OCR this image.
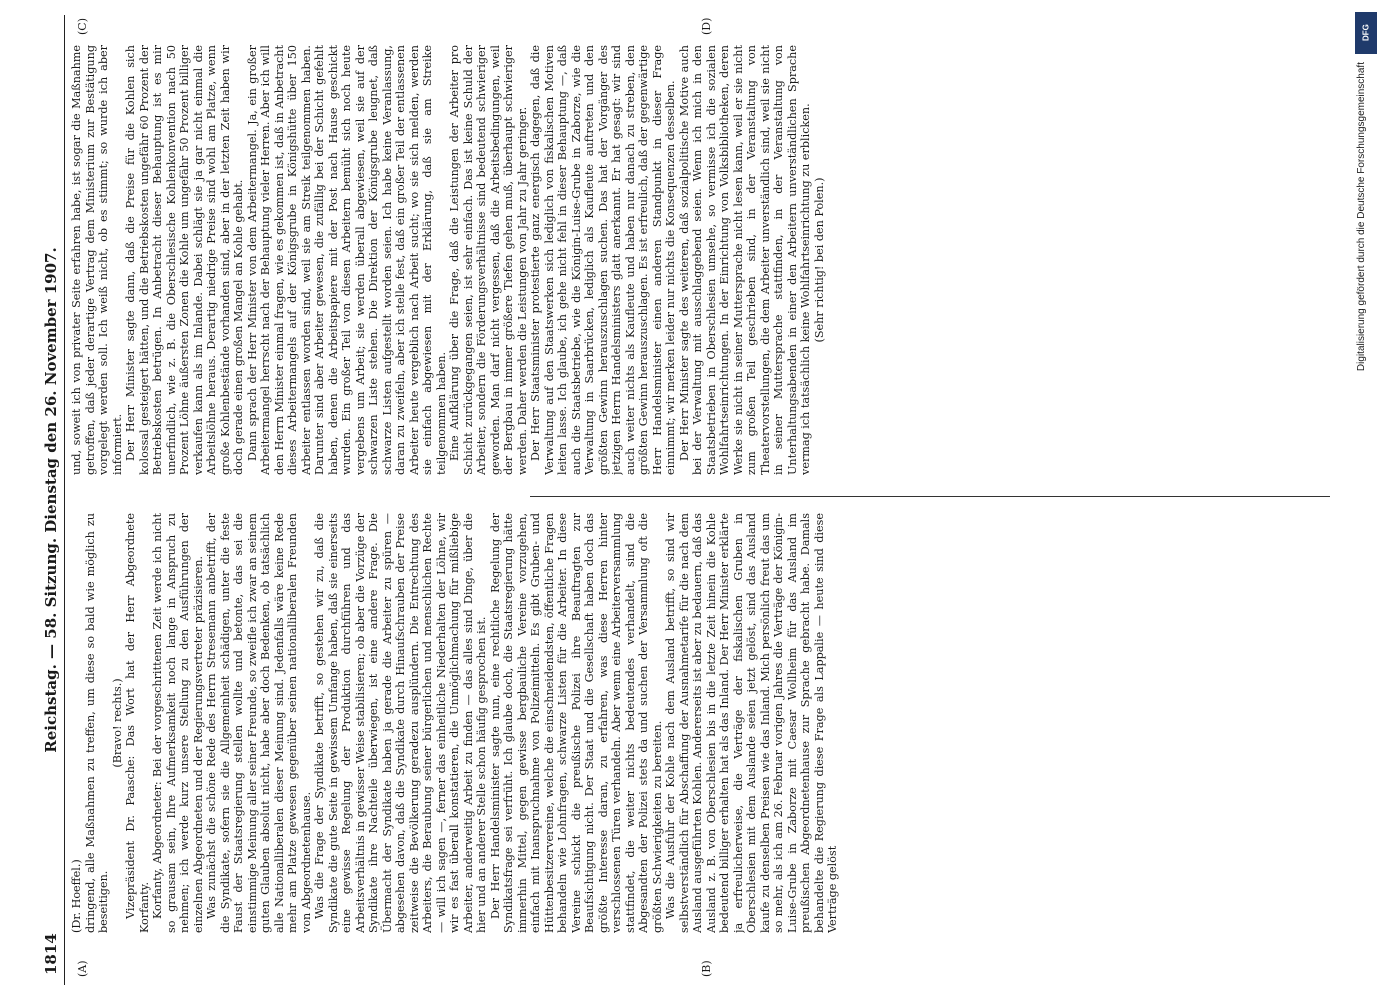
1814
Reichstag. — 58. Sitzung. Dienstag den 26. November 1907.
(A)	(B)
(C)	(D)

(Dr. Hoeffel.) dringend, alle Maßnahmen zu treffen, um diese so bald wie möglich zu beseitigen.

(Bravo! rechts.) Vizepräsident Dr. Paasche: Das Wort hat der Herr Abgeordnete Korfanty. Korfanty, Abgeordneter: Bei der vorgeschrittenen Zeit werde ich nicht so grausam sein, Ihre Aufmerksamkeit noch lange in Anspruch zu nehmen; ich werde kurz unsere Stellung zu den Ausführungen der einzelnen Abgeordneten und der Regierungsvertreter präzisieren. Was zunächst die schöne Rede des Herrn Stresemann anbetrifft, der die Syndikate, sofern sie die Allgemeinheit schädigen, unter die feste Faust der Staatsregierung stellen wollte und betonte, das sei die einstimmige Meinung aller seiner Freunde, so zweifle ich zwar an seinem guten Glauben absolut nicht, habe aber doch Bedenken, ob tatsächlich alle Nationalliberalen dieser Meinung sind. Jedenfalls wäre keine Rede mehr am Platze gewesen gegenüber seinen nationalliberalen Freunden von Abgeordnetenhause. Was die Frage der Syndikate betrifft, so gestehen wir zu, daß die Syndikate die gute Seite in gewissem Umfange haben, daß sie einerseits eine gewisse Regelung der Produktion durchführen und das Arbeitsverhältnis in gewisser Weise stabilisieren; ob aber die Vorzüge der Syndikate ihre Nachteile überwiegen, ist eine andere Frage. Die Übermacht der Syndikate haben ja gerade die Arbeiter zu spüren — abgesehen davon, daß die Syndikate durch Hinaufschrauben der Preise zeitweise die Bevölkerung geradezu ausplündern. Die Entrechtung des Arbeiters, die Beraubung seiner bürgerlichen und menschlichen Rechte — will ich sagen —, ferner das einheitliche Niederhalten der Löhne, wir wir es fast überall konstatieren, die Unmöglichmachung für mißliebige Arbeiter, anderweitig Arbeit zu finden — das alles sind Dinge, über die hier und an anderer Stelle schon häufig gesprochen ist. Der Herr Handelsminister sagte nun, eine rechtliche Regelung der Syndikatsfrage sei verfrüht. Ich glaube doch, die Staatsregierung hätte immerhin Mittel, gegen gewisse bergbauliche Vereine vorzugehen, einfach mit Inanspruchnahme von Polizeimitteln. Es gibt Gruben- und Hüttenbesitzervereine, welche die einschneidendsten, öffentliche Fragen behandeln wie Lohnfragen, schwarze Listen für die Arbeiter. In diese Vereine schickt die preußische Polizei ihre Beauftragten zur Beaufsichtigung nicht. Der Staat und die Gesellschaft haben doch das größte Interesse daran, zu erfahren, was diese Herren hinter verschlossenen Türen verhandeln. Aber wenn eine Arbeiterversammlung stattfindet, die weiter nichts bedeutendes verhandelt, sind die Abgesandten der Polizei stets da und suchen der Versammlung oft die größten Schwierigkeiten zu bereiten. Was die Ausfuhr der Kohle nach dem Ausland betrifft, so sind wir selbstverständlich für Abschaffung der Ausnahmetarife für die nach dem Ausland ausgeführten Kohlen. Andererseits ist aber zu bedauern, daß das Ausland z. B. von Oberschlesien bis in die letzte Zeit hinein die Kohle bedeutend billiger erhalten hat als das Inland. Der Herr Minister erklärte ja erfreulicherweise, die Verträge der fiskalischen Gruben in Oberschlesien mit dem Auslande seien jetzt gelöst, sind das Ausland kaufe zu denselben Preisen wie das Inland. Mich persönlich freut das um so mehr, als ich am 26. Februar vorigen Jahres die Verträge der Königin-Luise-Grube in Zaborze mit Caesar Wollheim für das Ausland im preußischen Abgeordnetenhause zur Sprache gebracht habe. Damals behandelte die Regierung diese Frage als Lappalie — heute sind diese Verträge gelöst

und, soweit ich von privater Seite erfahren habe, ist sogar die Maßnahme getroffen, daß jeder derartige Vertrag dem Ministerium zur Bestätigung vorgelegt werden soll. Ich weiß nicht, ob es stimmt; so wurde ich aber informiert. Der Herr Minister sagte dann, daß die Preise für die Kohlen sich kolossal gesteigert hätten, und die Betriebskosten ungefähr 60 Prozent der Betriebskosten betrügen. In Anbetracht dieser Behauptung ist es mir unerfindlich, wie z. B. die Oberschlesische Kohlenkonvention nach 50 Prozent Löhne äußersten Zonen die Kohle um ungefähr 50 Prozent billiger verkaufen kann als im Inlande. Dabei schlägt sie ja gar nicht einmal die Arbeitslöhne heraus. Derartig niedrige Preise sind wohl am Platze, wenn große Kohlenbestände vorhanden sind, aber in der letzten Zeit haben wir doch gerade einen großen Mangel an Kohle gehabt. Dann sprach der Herr Minister von dem Arbeitermangel. Ja, ein großer Arbeitermangel herrscht nach der Behauptung vieler Herren. Aber ich will den Herrn Minister einmal fragen, wie es gekommen ist, daß in Anbetracht dieses Arbeitermangels auf der Königsgrube in Königshütte über 150 Arbeiter entlassen worden sind, weil sie am Streik teilgenommen haben. Darunter sind aber Arbeiter gewesen, die zufällig bei der Schicht gefehlt haben, denen die Arbeitspapiere mit der Post nach Hause geschickt wurden. Ein großer Teil von diesen Arbeitern bemüht sich noch heute vergebens um Arbeit; sie werden überall abgewiesen, weil sie auf der schwarzen Liste stehen. Die Direktion der Königsgrube leugnet, daß schwarze Listen aufgestellt worden seien. Ich habe keine Veranlassung, daran zu zweifeln, aber ich stelle fest, daß ein großer Teil der entlassenen Arbeiter heute vergeblich nach Arbeit sucht; wo sie sich melden, werden sie einfach abgewiesen mit der Erklärung, daß sie am Streike teilgenommen haben. Eine Aufklärung über die Frage, daß die Leistungen der Arbeiter pro Schicht zurückgegangen seien, ist sehr einfach. Das ist keine Schuld der Arbeiter, sondern die Förderungsverhältnisse sind bedeutend schwieriger geworden. Man darf nicht vergessen, daß die Arbeitsbedingungen, weil der Bergbau in immer größere Tiefen gehen muß, überhaupt schwieriger werden. Daher werden die Leistungen von Jahr zu Jahr geringer. Der Herr Staatsminister protestierte ganz energisch dagegen, daß die Verwaltung auf den Staatswerken sich lediglich von fiskalischen Motiven leiten lasse. Ich glaube, ich gehe nicht fehl in dieser Behauptung —, daß auch die Staatsbetriebe, wie die Königin-Luise-Grube in Zaborze, wie die Verwaltung in Saarbrücken, lediglich als Kaufleute auftreten und den größten Gewinn herauszuschlagen suchen. Das hat der Vorgänger des jetzigen Herrn Handelsministers glatt anerkannt. Er hat gesagt: wir sind auch weiter nichts als Kaufleute und haben nur danach zu streben, den größten Gewinn herauszuschlagen. Es ist erfreulich, daß der gegenwärtige Herr Handelsminister einen anderen Standpunkt in dieser Frage einnimmt; wir merken leider nur nichts die Konsequenzen desselben. Der Herr Minister sagte des weiteren, daß sozialpolitische Motive auch bei der Verwaltung mit ausschlaggebend seien. Wenn ich mich in den Staatsbetrieben in Oberschlesien umsehe, so vermisse ich die sozialen Wohlfahrtseinrichtungen. In der Einrichtung von Volksbibliotheken, deren Werke sie nicht in seiner Muttersprache nicht lesen kann, weil er sie nicht zum großen Teil geschrieben sind, in der Veranstaltung von Theatervorstellungen, die dem Arbeiter unverständlich sind, weil sie nicht in seiner Muttersprache stattfinden, in der Veranstaltung von Unterhaltungsabenden in einer den Arbeitern unverständlichen Sprache vermag ich tatsächlich keine Wohlfahrtseinrichtung zu erblicken. (Sehr richtig! bei den Polen.)

DFG
Digitalisierung gefördert durch die Deutsche Forschungsgemeinschaft
